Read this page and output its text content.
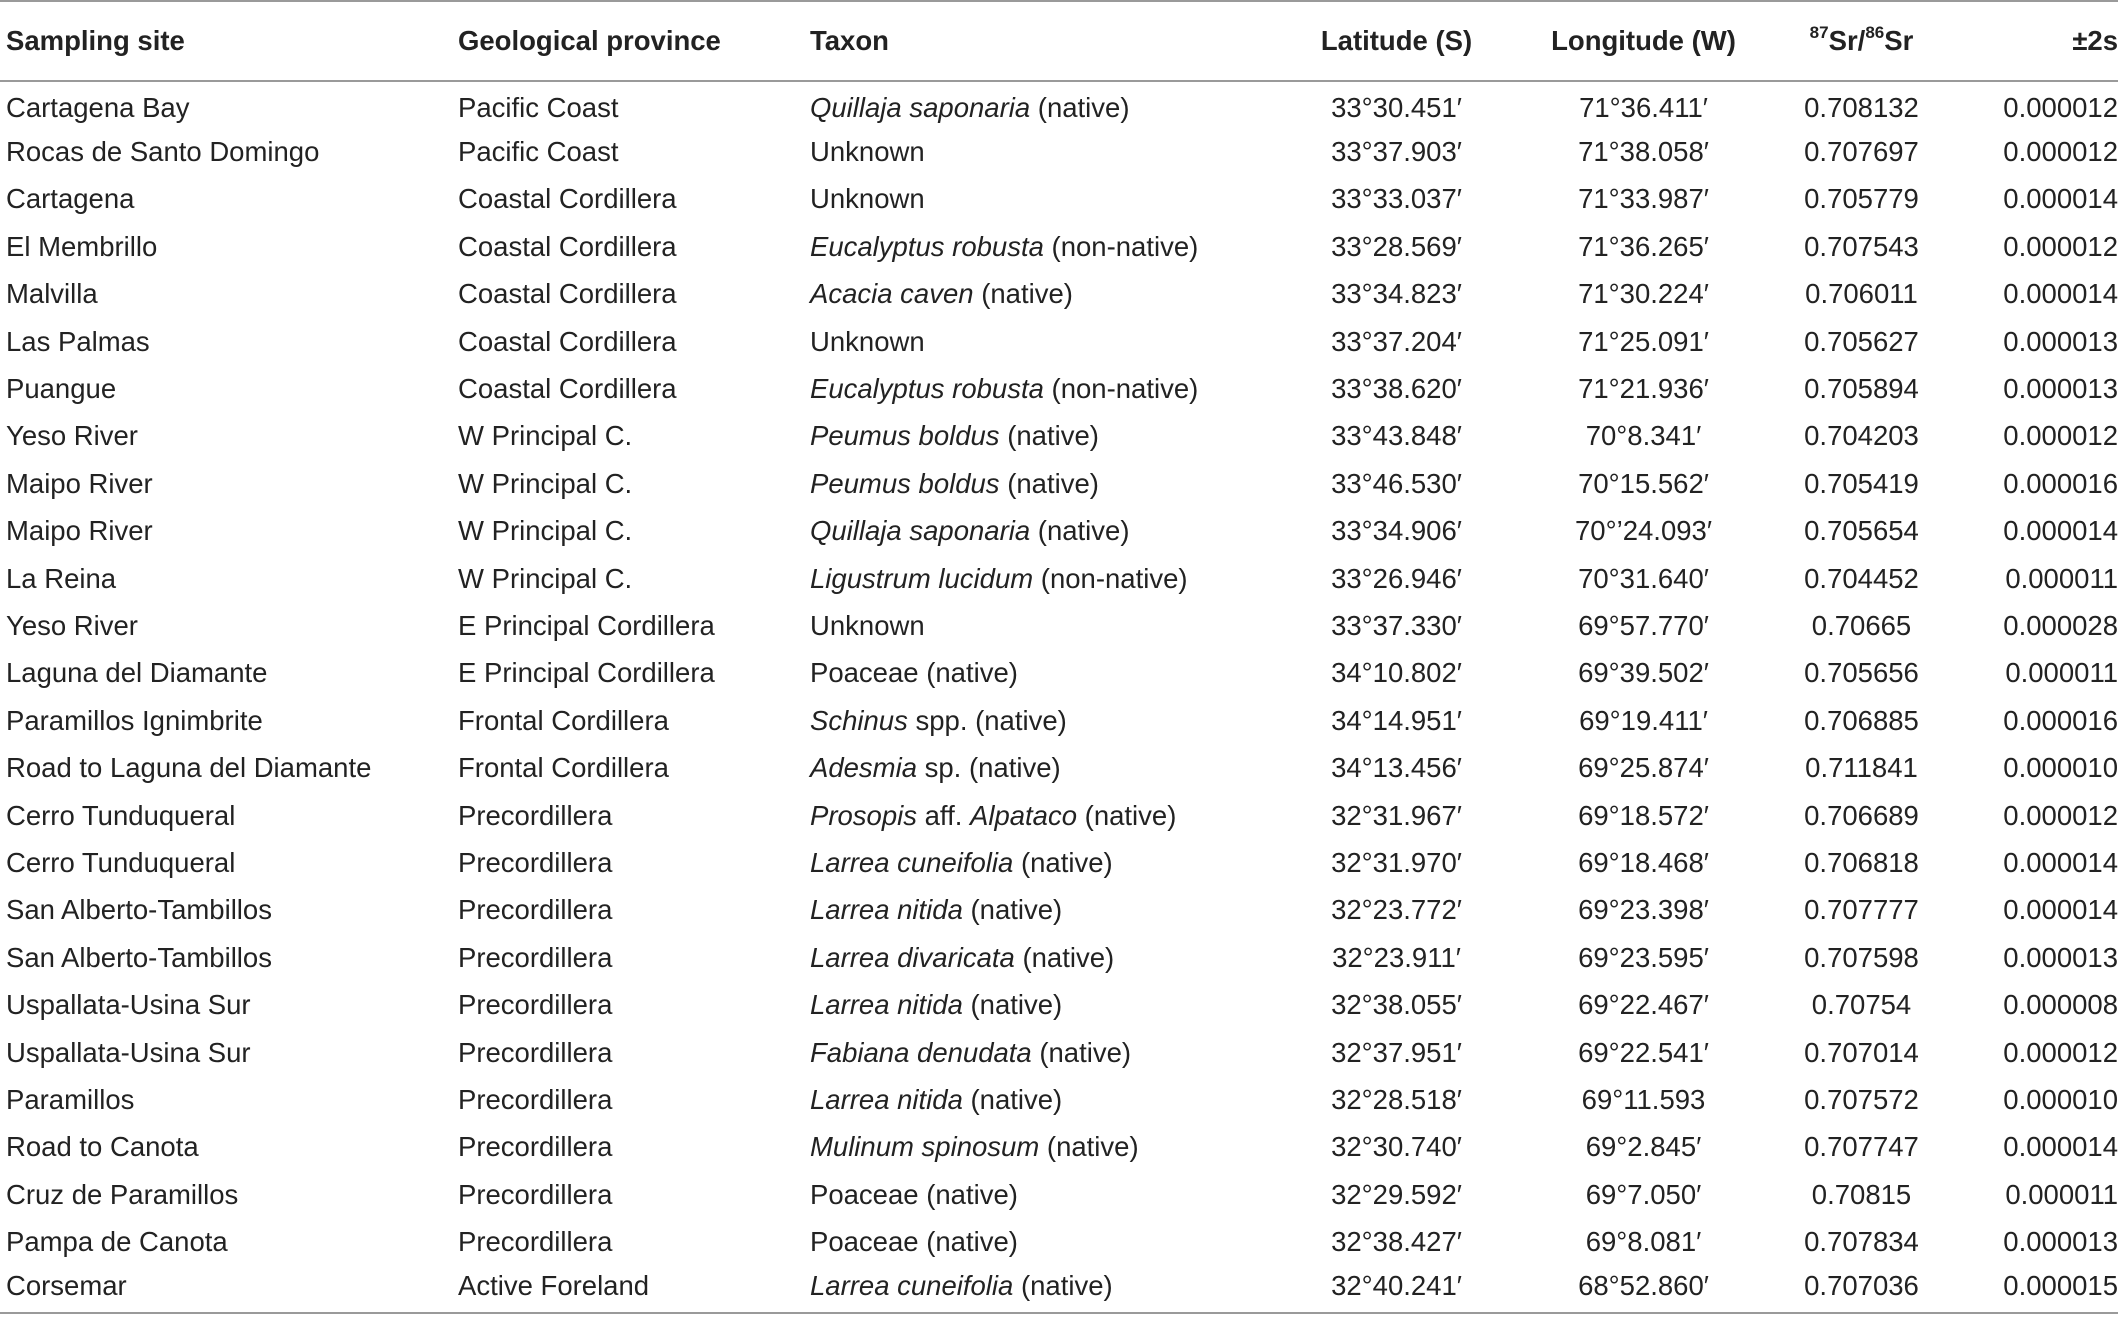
Sampling site	Geological province	Taxon	Latitude (S)	Longitude (W)	$^{87}$Sr/$^{86}$Sr	±2s
Cartagena Bay	Pacific Coast	Quillaja saponaria (native)	33°30.451′	71°36.411′	0.708132	0.000012
Rocas de Santo Domingo	Pacific Coast	Unknown	33°37.903′	71°38.058′	0.707697	0.000012
Cartagena	Coastal Cordillera	Unknown	33°33.037′	71°33.987′	0.705779	0.000014
El Membrillo	Coastal Cordillera	Eucalyptus robusta (non-native)	33°28.569′	71°36.265′	0.707543	0.000012
Malvilla	Coastal Cordillera	Acacia caven (native)	33°34.823′	71°30.224′	0.706011	0.000014
Las Palmas	Coastal Cordillera	Unknown	33°37.204′	71°25.091′	0.705627	0.000013
Puangue	Coastal Cordillera	Eucalyptus robusta (non-native)	33°38.620′	71°21.936′	0.705894	0.000013
Yeso River	W Principal C.	Peumus boldus (native)	33°43.848′	70°8.341′	0.704203	0.000012
Maipo River	W Principal C.	Peumus boldus (native)	33°46.530′	70°15.562′	0.705419	0.000016
Maipo River	W Principal C.	Quillaja saponaria (native)	33°34.906′	70°’24.093′	0.705654	0.000014
La Reina	W Principal C.	Ligustrum lucidum (non-native)	33°26.946′	70°31.640′	0.704452	0.000011
Yeso River	E Principal Cordillera	Unknown	33°37.330′	69°57.770′	0.70665	0.000028
Laguna del Diamante	E Principal Cordillera	Poaceae (native)	34°10.802′	69°39.502′	0.705656	0.000011
Paramillos Ignimbrite	Frontal Cordillera	Schinus spp. (native)	34°14.951′	69°19.411′	0.706885	0.000016
Road to Laguna del Diamante	Frontal Cordillera	Adesmia sp. (native)	34°13.456′	69°25.874′	0.711841	0.000010
Cerro Tunduqueral	Precordillera	Prosopis aff. Alpataco (native)	32°31.967′	69°18.572′	0.706689	0.000012
Cerro Tunduqueral	Precordillera	Larrea cuneifolia (native)	32°31.970′	69°18.468′	0.706818	0.000014
San Alberto-Tambillos	Precordillera	Larrea nitida (native)	32°23.772′	69°23.398′	0.707777	0.000014
San Alberto-Tambillos	Precordillera	Larrea divaricata (native)	32°23.911′	69°23.595′	0.707598	0.000013
Uspallata-Usina Sur	Precordillera	Larrea nitida (native)	32°38.055′	69°22.467′	0.70754	0.000008
Uspallata-Usina Sur	Precordillera	Fabiana denudata (native)	32°37.951′	69°22.541′	0.707014	0.000012
Paramillos	Precordillera	Larrea nitida (native)	32°28.518′	69°11.593	0.707572	0.000010
Road to Canota	Precordillera	Mulinum spinosum (native)	32°30.740′	69°2.845′	0.707747	0.000014
Cruz de Paramillos	Precordillera	Poaceae (native)	32°29.592′	69°7.050′	0.70815	0.000011
Pampa de Canota	Precordillera	Poaceae (native)	32°38.427′	69°8.081′	0.707834	0.000013
Corsemar	Active Foreland	Larrea cuneifolia (native)	32°40.241′	68°52.860′	0.707036	0.000015
